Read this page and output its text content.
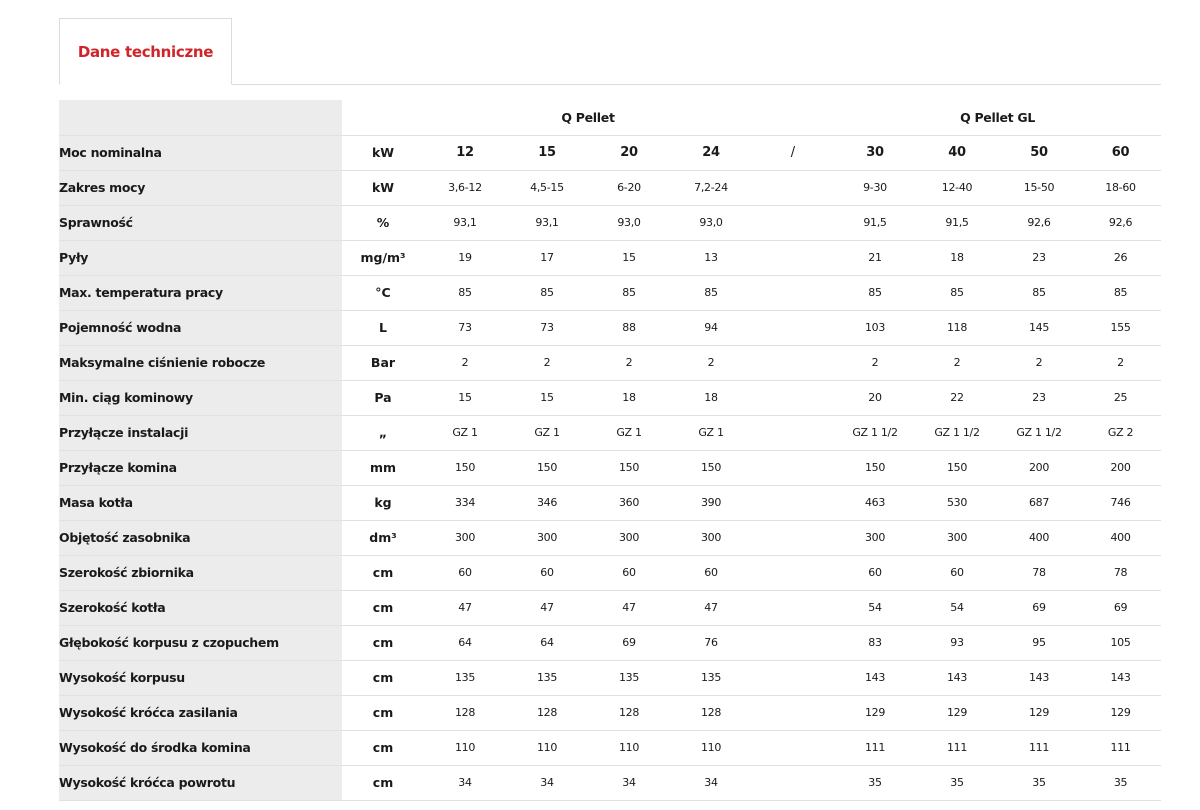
Dane techniczne
		Q Pellet					Q Pellet GL			
Moc nominalna	kW	12	15	20	24	/	30	40	50	60
Zakres mocy	kW	3,6-12	4,5-15	6-20	7,2-24		9-30	12-40	15-50	18-60
Sprawność	%	93,1	93,1	93,0	93,0		91,5	91,5	92,6	92,6
Pyły	mg/m³	19	17	15	13		21	18	23	26
Max. temperatura pracy	°C	85	85	85	85		85	85	85	85
Pojemność wodna	L	73	73	88	94		103	118	145	155
Maksymalne ciśnienie robocze	Bar	2	2	2	2		2	2	2	2
Min. ciąg kominowy	Pa	15	15	18	18		20	22	23	25
Przyłącze instalacji	„	GZ 1	GZ 1	GZ 1	GZ 1		GZ 1 1/2	GZ 1 1/2	GZ 1 1/2	GZ 2
Przyłącze komina	mm	150	150	150	150		150	150	200	200
Masa kotła	kg	334	346	360	390		463	530	687	746
Objętość zasobnika	dm³	300	300	300	300		300	300	400	400
Szerokość zbiornika	cm	60	60	60	60		60	60	78	78
Szerokość kotła	cm	47	47	47	47		54	54	69	69
Głębokość korpusu z czopuchem	cm	64	64	69	76		83	93	95	105
Wysokość korpusu	cm	135	135	135	135		143	143	143	143
Wysokość króćca zasilania	cm	128	128	128	128		129	129	129	129
Wysokość do środka komina	cm	110	110	110	110		111	111	111	111
Wysokość króćca powrotu	cm	34	34	34	34		35	35	35	35
